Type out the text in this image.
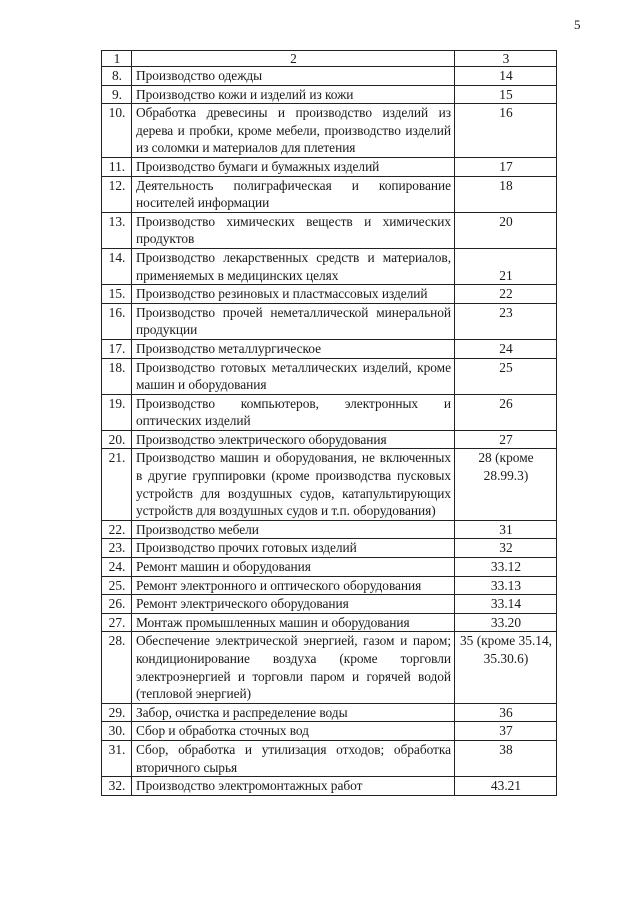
5
1	2	3
8.	Производство одежды	14
9.	Производство кожи и изделий из кожи	15
10.	Обработка древесины и производство изделий из дерева и пробки, кроме мебели, производство изделий из соломки и материалов для плетения	16
11.	Производство бумаги и бумажных изделий	17
12.	Деятельность полиграфическая и копирование носителей информации	18
13.	Производство химических веществ и химических продуктов	20
14.	Производство лекарственных средств и материалов, применяемых в медицинских целях	21
15.	Производство резиновых и пластмассовых изделий	22
16.	Производство прочей неметаллической минеральной продукции	23
17.	Производство металлургическое	24
18.	Производство готовых металлических изделий, кроме машин и оборудования	25
19.	Производство компьютеров, электронных и оптических изделий	26
20.	Производство электрического оборудования	27
21.	Производство машин и оборудования, не включенных в другие группировки (кроме производства пусковых устройств для воздушных судов, катапультирующих устройств для воздушных судов и т.п. оборудования)	28 (кроме 28.99.3)
22.	Производство мебели	31
23.	Производство прочих готовых изделий	32
24.	Ремонт машин и оборудования	33.12
25.	Ремонт электронного и оптического оборудования	33.13
26.	Ремонт электрического оборудования	33.14
27.	Монтаж промышленных машин и оборудования	33.20
28.	Обеспечение электрической энергией, газом и паром; кондиционирование воздуха (кроме торговли электроэнергией и торговли паром и горячей водой (тепловой энергией)	35 (кроме 35.14, 35.30.6)
29.	Забор, очистка и распределение воды	36
30.	Сбор и обработка сточных вод	37
31.	Сбор, обработка и утилизация отходов; обработка вторичного сырья	38
32.	Производство электромонтажных работ	43.21
